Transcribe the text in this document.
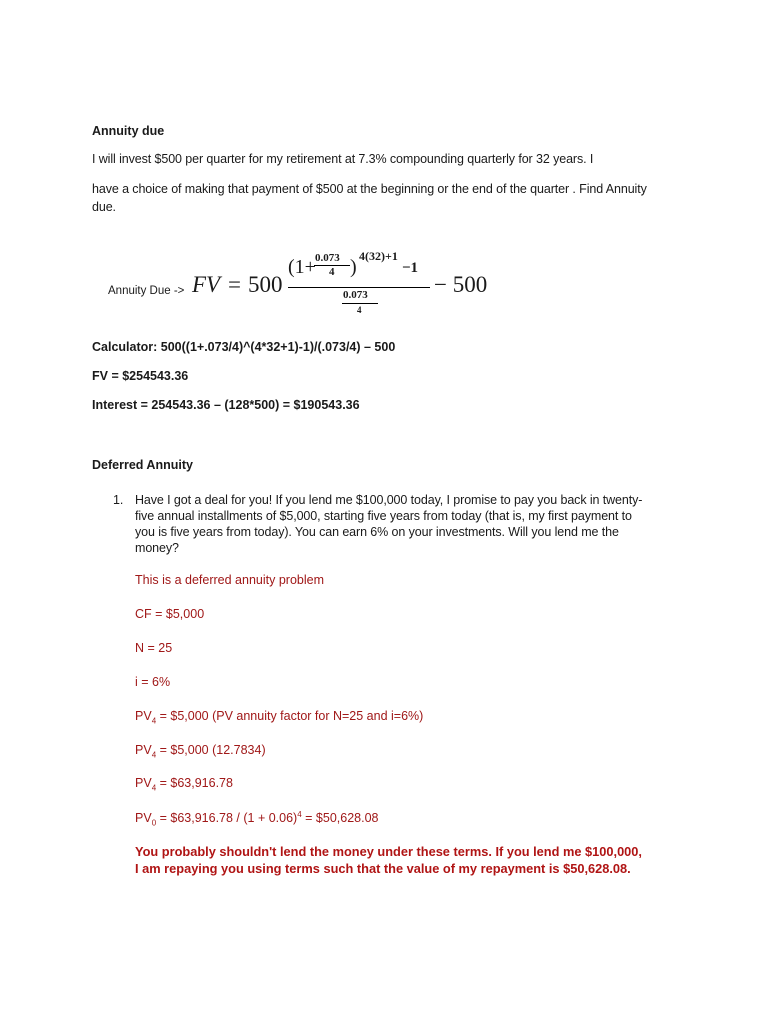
Annuity due
I will invest $500 per quarter for my retirement at 7.3% compounding quarterly for 32 years. I
have a choice of making that payment of $500 at the beginning or the end of the quarter . Find Annuity
due.
Annuity Due -> FV = 500
(1+ 0.073
4 ) 4(32)+1
−1
0.073
4
− 500
Calculator: 500((1+.073/4)^(4*32+1)-1)/(.073/4) – 500
FV = $254543.36
Interest = 254543.36 – (128*500) = $190543.36
Deferred Annuity
1. Have I got a deal for you! If you lend me $100,000 today, I promise to pay you back in twenty-
five annual installments of $5,000, starting five years from today (that is, my first payment to
you is five years from today). You can earn 6% on your investments. Will you lend me the
money?
This is a deferred annuity problem
CF = $5,000
N = 25
i = 6%
$PV_4$ = $5,000 (PV annuity factor for N=25 and i=6%)
$PV_4$ = $5,000 (12.7834)
$PV_4$ = $63,916.78
$PV_0$ = $63,916.78 / $(1 + 0.06)^4$ = $50,628.08
You probably shouldn't lend the money under these terms. If you lend me $100,000,
I am repaying you using terms such that the value of my repayment is $50,628.08.
